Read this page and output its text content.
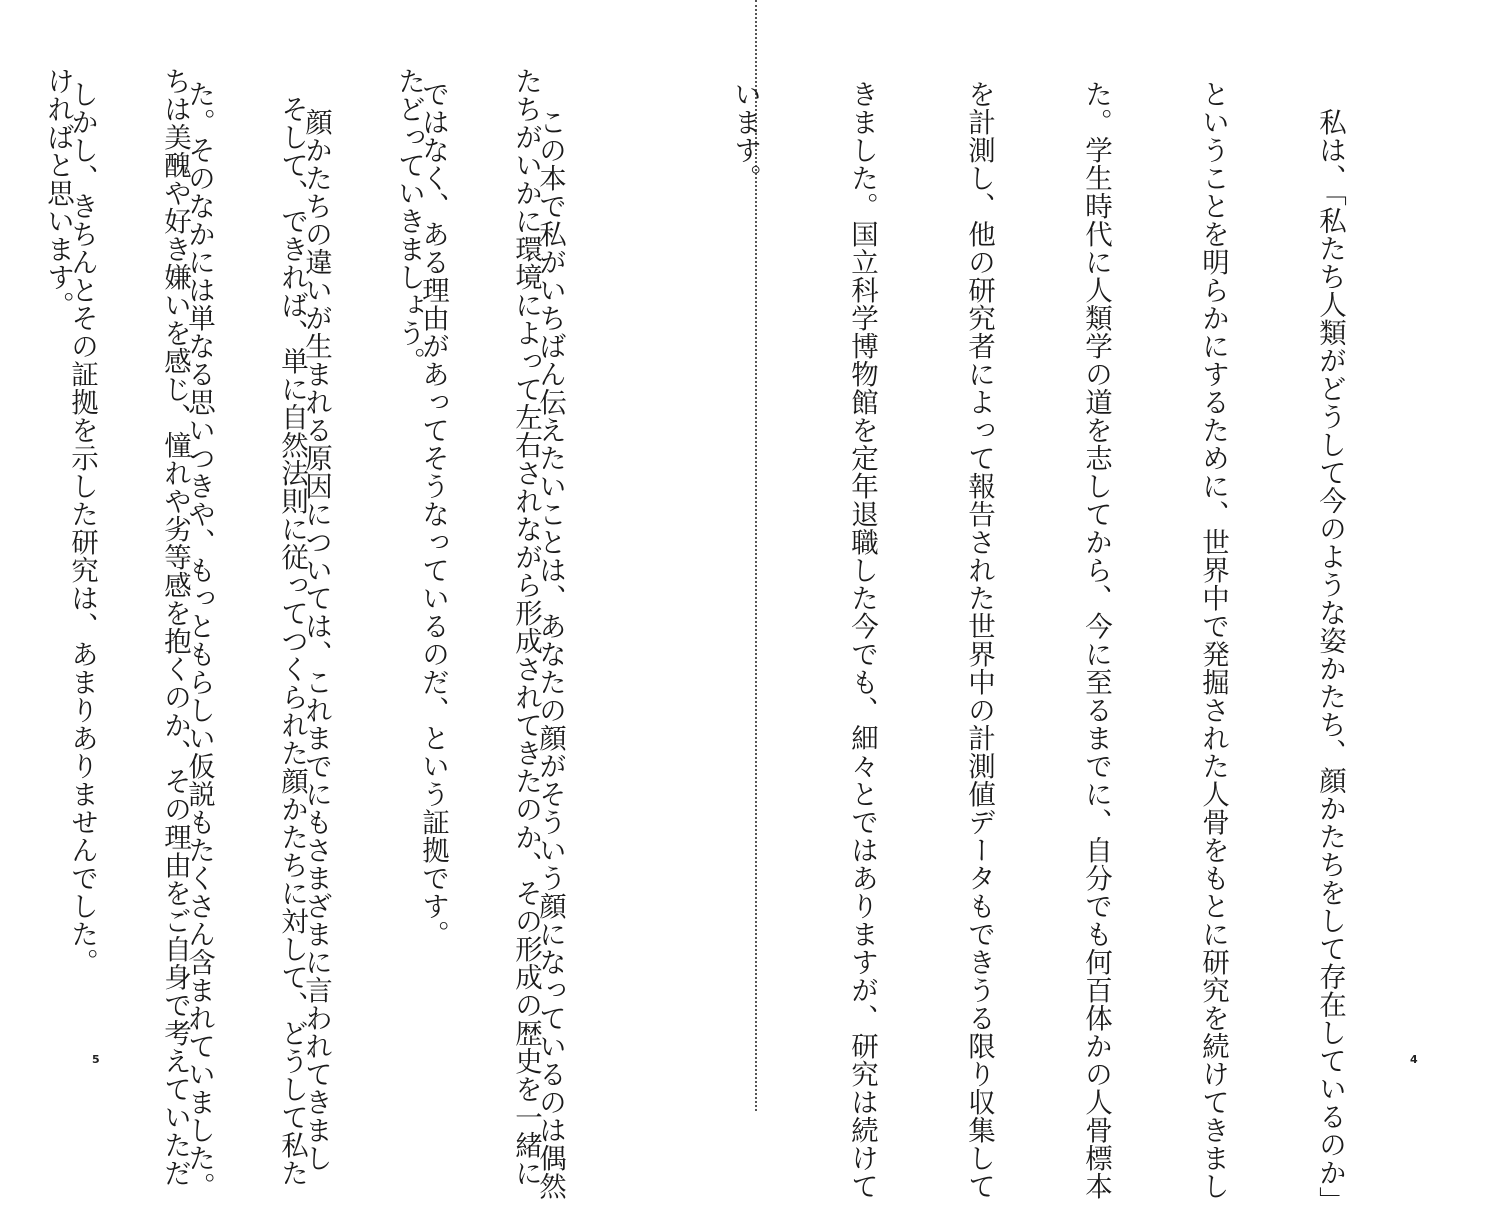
たちがいかに環境によって左右されながら形成されてきたのか、その形成の歴史を一緒に

たどっていきましょう。

　そして、できれば、単に自然法則に従ってつくられた顔かたちに対して、どうして私た

ちは美醜や好き嫌いを感じ、憧れや劣等感を抱くのか、その理由をご自身で考えていただ

ければと思います。

5

	　私は、「私たち人類がどうして今のような姿かたち、顔かたちをして存在しているのか」

ということを明らかにするために、世界中で発掘された人骨をもとに研究を続けてきまし

た。学生時代に人類学の道を志してから、今に至るまでに、自分でも何百体かの人骨標本

を計測し、他の研究者によって報告された世界中の計測値データもできうる限り収集して

きました。国立科学博物館を定年退職した今でも、細々とではありますが、研究は続けて

います。

　この本で私がいちばん伝えたいことは、あなたの顔がそういう顔になっているのは偶然

ではなく、ある理由があってそうなっているのだ、という証拠です。

　顔かたちの違いが生まれる原因については、これまでにもさまざまに言われてきまし

た。そのなかには単なる思いつきや、もっともらしい仮説もたくさん含まれていました。

しかし、きちんとその証拠を示した研究は、あまりありませんでした。

4
